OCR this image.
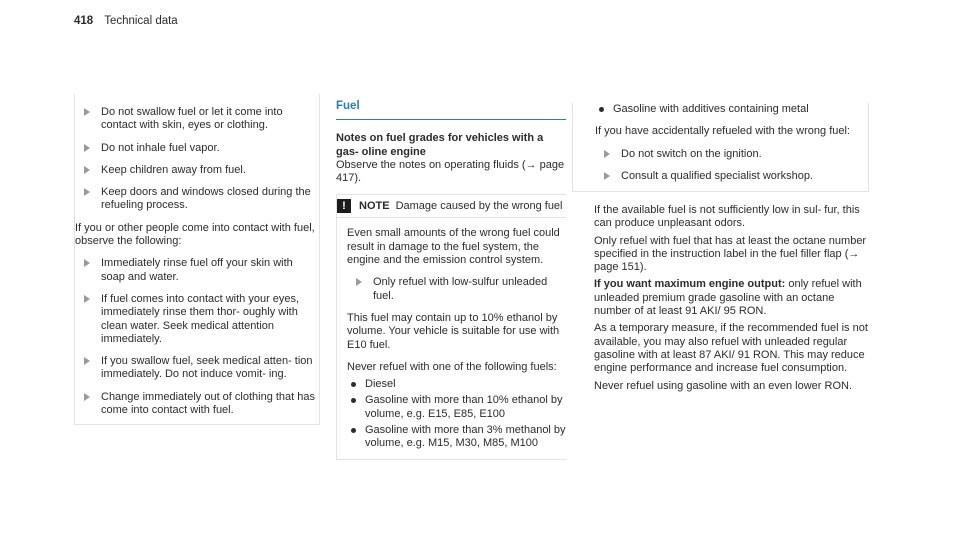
418 Technical data
Do not swallow fuel or let it come into contact with skin, eyes or clothing.
Do not inhale fuel vapor.
Keep children away from fuel.
Keep doors and windows closed during the refueling process.
If you or other people come into contact with fuel, observe the following:
Immediately rinse fuel off your skin with soap and water.
If fuel comes into contact with your eyes, immediately rinse them thor- oughly with clean water. Seek medical attention immediately.
If you swallow fuel, seek medical atten- tion immediately. Do not induce vomit- ing.
Change immediately out of clothing that has come into contact with fuel.
Fuel
Notes on fuel grades for vehicles with a gas- oline engine
Observe the notes on operating fluids (→ page 417).
!	NOTE Damage caused by the wrong fuel
Even small amounts of the wrong fuel could result in damage to the fuel system, the engine and the emission control system.
Only refuel with low-sulfur unleaded fuel.
This fuel may contain up to 10% ethanol by volume. Your vehicle is suitable for use with E10 fuel.
Never refuel with one of the following fuels:
Diesel
Gasoline with more than 10% ethanol by volume, e.g. E15, E85, E100
Gasoline with more than 3% methanol by volume, e.g. M15, M30, M85, M100
Gasoline with additives containing metal
If you have accidentally refueled with the wrong fuel:
Do not switch on the ignition.
Consult a qualified specialist workshop.
If the available fuel is not sufficiently low in sul- fur, this can produce unpleasant odors.
Only refuel with fuel that has at least the octane number specified in the instruction label in the fuel filler flap (→ page 151).
If you want maximum engine output: only refuel with unleaded premium grade gasoline with an octane number of at least 91 AKI/ 95 RON.
As a temporary measure, if the recommended fuel is not available, you may also refuel with unleaded regular gasoline with at least 87 AKI/ 91 RON. This may reduce engine performance and increase fuel consumption.
Never refuel using gasoline with an even lower RON.
